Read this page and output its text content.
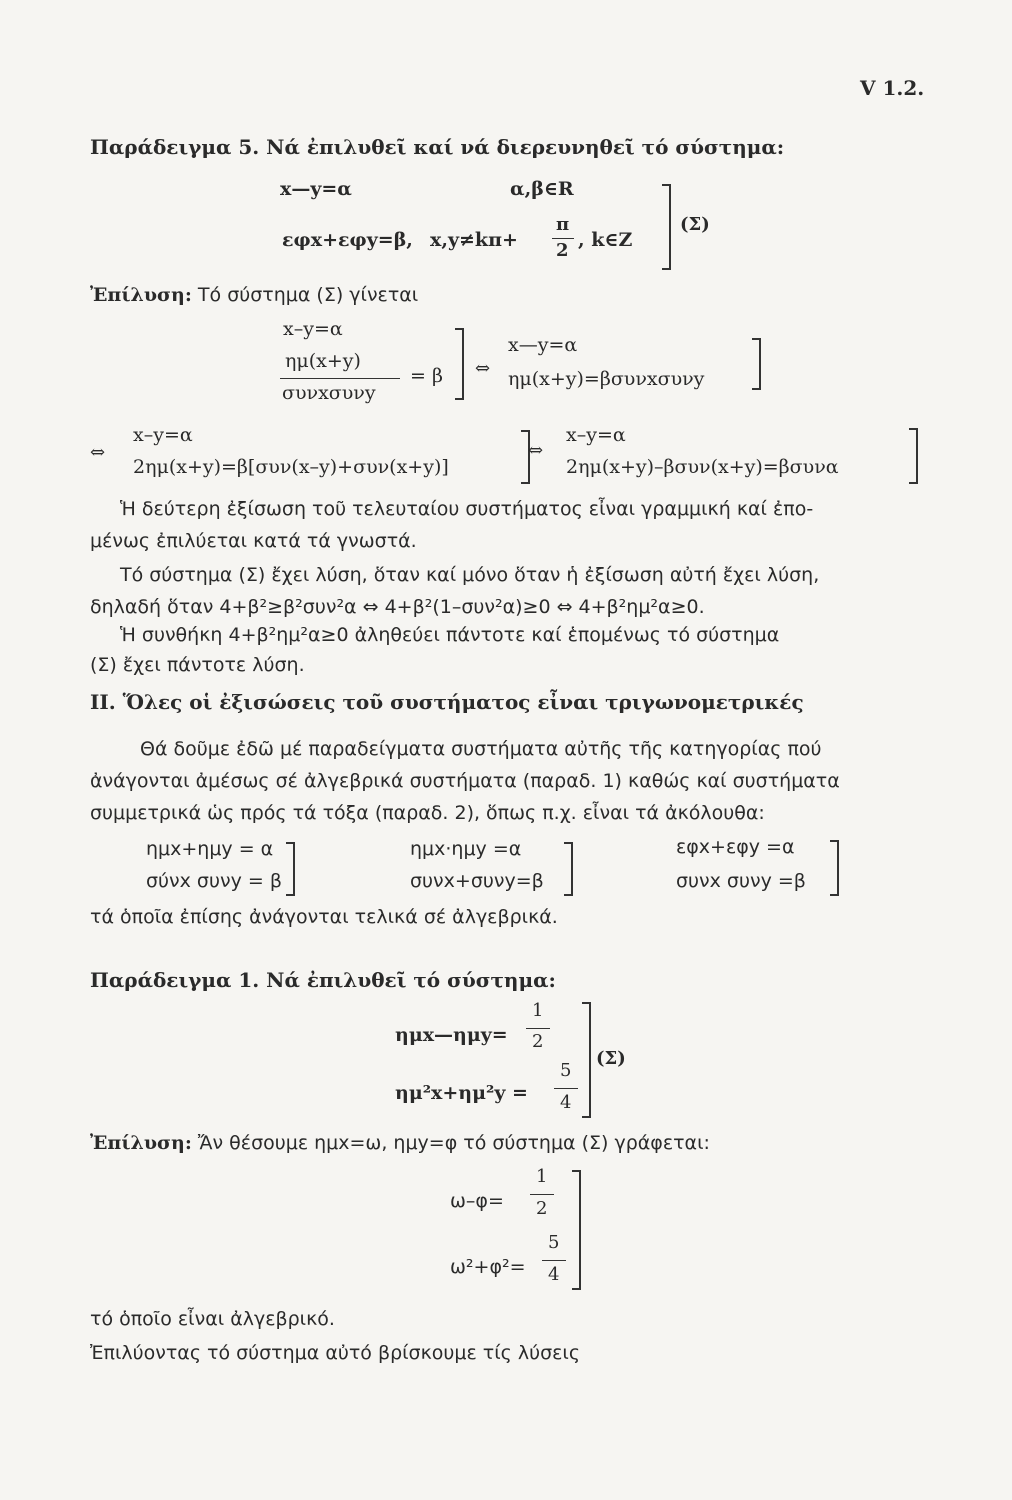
V 1.2.
Παράδειγμα 5. Νά ἐπιλυθεῖ καί νά διερευνηθεῖ τό σύστημα:
x—y=α	α,β∈R
εφx+εφy=β, x,y≠kπ+
π
2 , k∈Z
(Σ)
Ἐπίλυση: Τό σύστημα (Σ) γίνεται
x–y=α
ημ(x+y)
συνxσυνy
= β ⇔
x—y=α
ημ(x+y)=βσυνxσυνy
⇔
x–y=α
2ημ(x+y)=β[συν(x–y)+συν(x+y)]
⇔
x–y=α
2ημ(x+y)–βσυν(x+y)=βσυνα
Ἡ δεύτερη ἐξίσωση τοῦ τελευταίου συστήματος εἶναι γραμμική καί ἐπο-
μένως ἐπιλύεται κατά τά γνωστά.
Τό σύστημα (Σ) ἔχει λύση, ὅταν καί μόνο ὅταν ἡ ἐξίσωση αὐτή ἔχει λύση,
δηλαδή ὅταν 4+β²≥β²συν²α ⇔ 4+β²(1–συν²α)≥0 ⇔ 4+β²ημ²α≥0.
Ἡ συνθήκη 4+β²ημ²α≥0 ἀληθεύει πάντοτε καί ἑπομένως τό σύστημα
(Σ) ἔχει πάντοτε λύση.
II. Ὅλες οἱ ἐξισώσεις τοῦ συστήματος εἶναι τριγωνομετρικές
Θά δοῦμε ἐδῶ μέ παραδείγματα συστήματα αὐτῆς τῆς κατηγορίας πού
ἀνάγονται ἀμέσως σέ ἀλγεβρικά συστήματα (παραδ. 1) καθώς καί συστήματα
συμμετρικά ὡς πρός τά τόξα (παραδ. 2), ὅπως π.χ. εἶναι τά ἀκόλουθα:
ημx+ημy = α
σύνx συνy = β
ημx·ημy =α
συνx+συνy=β
εφx+εφy =α
συνx συνy =β
τά ὁποῖα ἐπίσης ἀνάγονται τελικά σέ ἀλγεβρικά.
Παράδειγμα 1. Νά ἐπιλυθεῖ τό σύστημα:
ημx—ημy=
1
2
ημ²x+ημ²y =
5
4
(Σ)
Ἐπίλυση: Ἄν θέσουμε ημx=ω, ημy=φ τό σύστημα (Σ) γράφεται:
ω–φ=
1
2
ω²+φ²=
5
4
τό ὁποῖο εἶναι ἀλγεβρικό.
Ἐπιλύοντας τό σύστημα αὐτό βρίσκουμε τίς λύσεις
